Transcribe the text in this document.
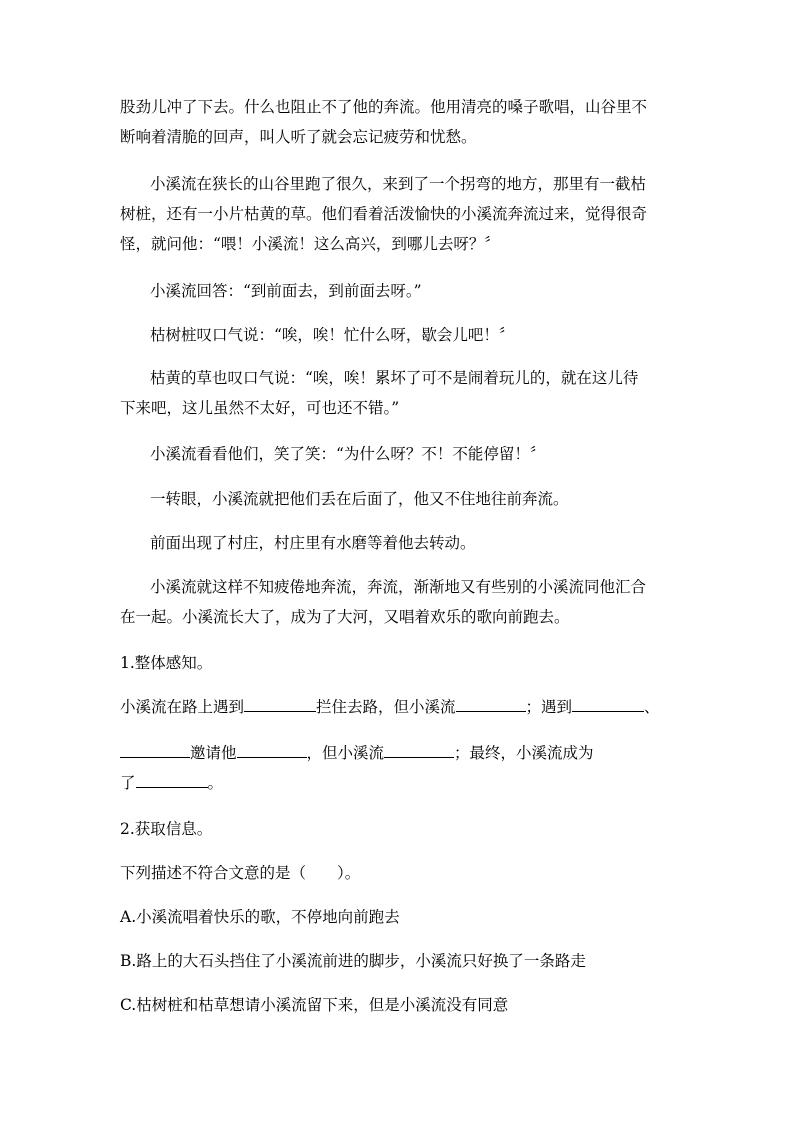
股劲儿冲了下去。什么也阻止不了他的奔流。他用清亮的嗓子歌唱，山谷里不
断响着清脆的回声，叫人听了就会忘记疲劳和忧愁。
小溪流在狭长的山谷里跑了很久，来到了一个拐弯的地方，那里有一截枯
树桩，还有一小片枯黄的草。他们看着活泼愉快的小溪流奔流过来，觉得很奇
怪，就问他：“喂！小溪流！这么高兴，到哪儿去呀？〞
小溪流回答：“到前面去，到前面去呀。”
枯树桩叹口气说：“唉，唉！忙什么呀，歇会儿吧！〞
枯黄的草也叹口气说：“唉，唉！累坏了可不是闹着玩儿的，就在这儿待
下来吧，这儿虽然不太好，可也还不错。”
小溪流看看他们，笑了笑：“为什么呀？不！不能停留！〞
一转眼，小溪流就把他们丢在后面了，他又不住地往前奔流。
前面出现了村庄，村庄里有水磨等着他去转动。
小溪流就这样不知疲倦地奔流，奔流，渐渐地又有些别的小溪流同他汇合
在一起。小溪流长大了，成为了大河，又唱着欢乐的歌向前跑去。
1.整体感知。
小溪流在路上遇到	拦住去路，但小溪流	；遇到	、
邀请他	，但小溪流	；最终，小溪流成为
了	。
2.获取信息。
下列描述不符合文意的是（　　）。
A.小溪流唱着快乐的歌，不停地向前跑去
B.路上的大石头挡住了小溪流前进的脚步，小溪流只好换了一条路走
C.枯树桩和枯草想请小溪流留下来，但是小溪流没有同意
